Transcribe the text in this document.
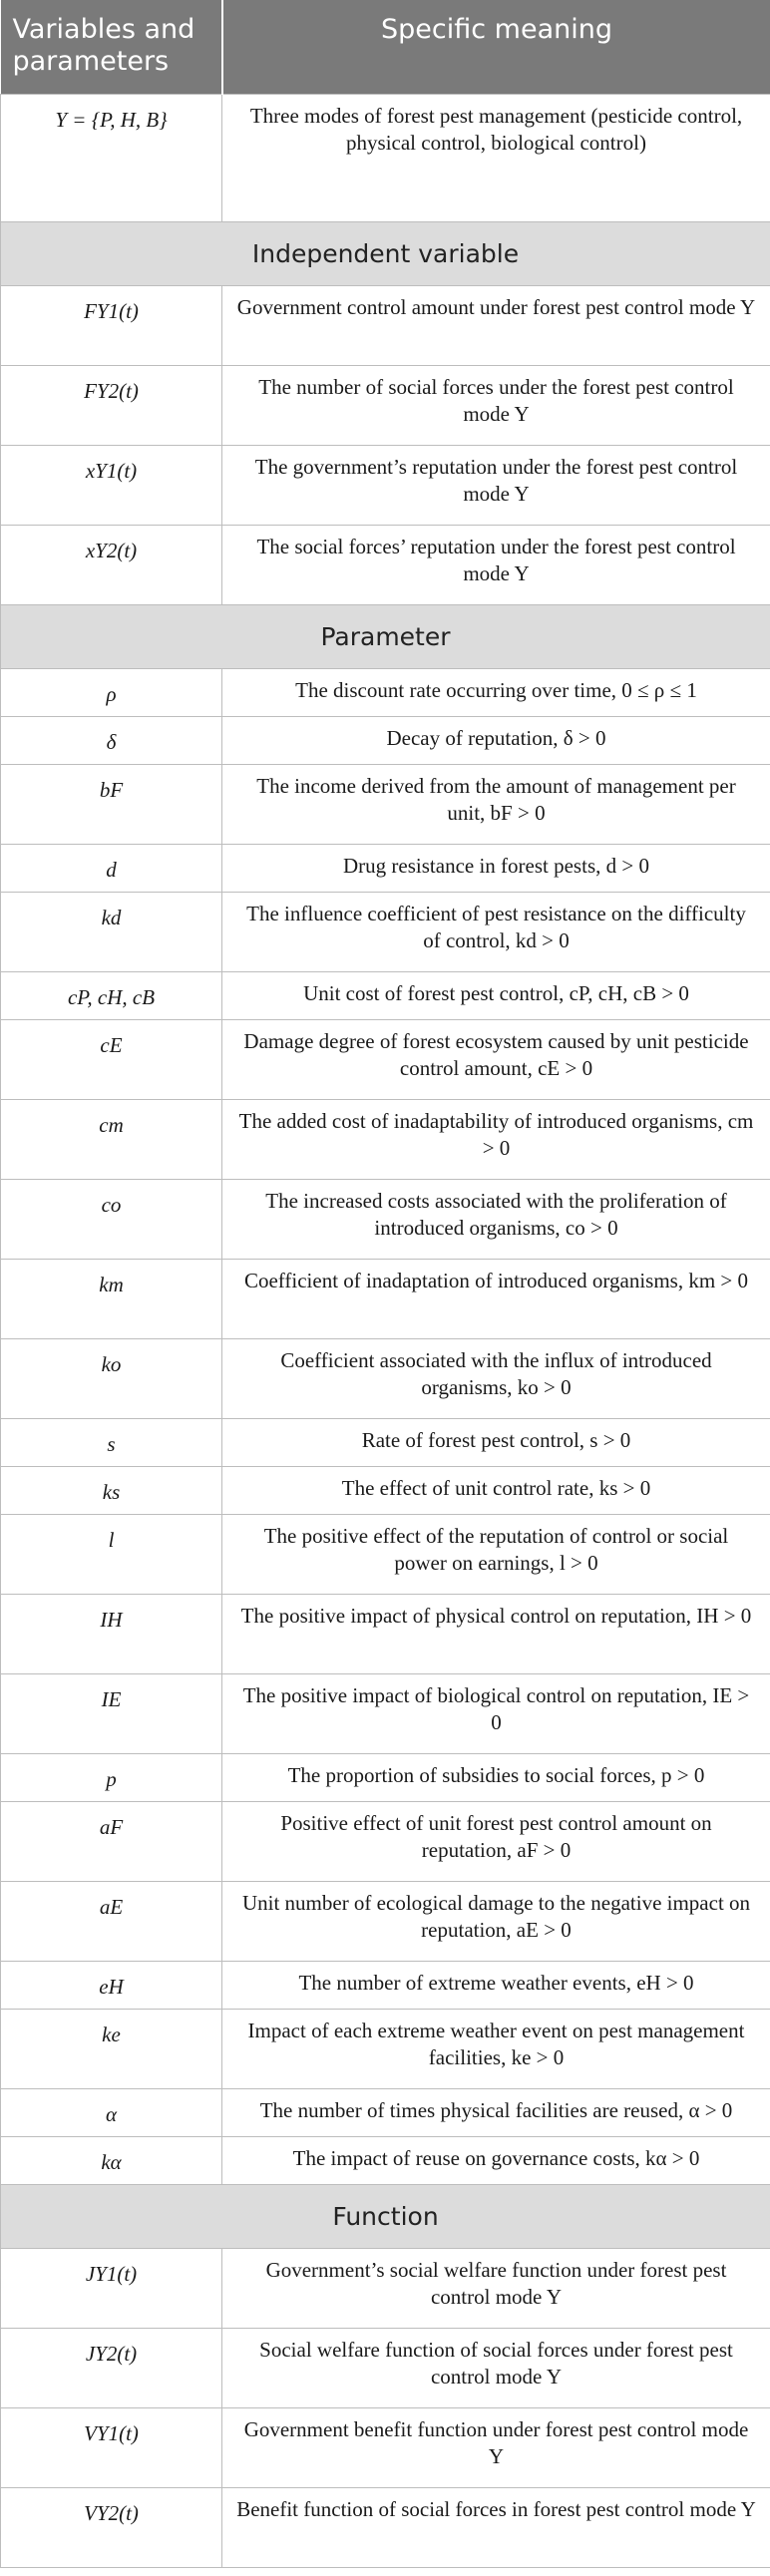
Variables and parameters	Specific meaning
Y = {P, H, B}	Three modes of forest pest management (pesticide control, physical control, biological control)
Independent variable	
FY1(t)	Government control amount under forest pest control mode Y
FY2(t)	The number of social forces under the forest pest control mode Y
xY1(t)	The government’s reputation under the forest pest control mode Y
xY2(t)	The social forces’ reputation under the forest pest control mode Y
Parameter	
ρ	The discount rate occurring over time, 0 ≤ ρ ≤ 1
δ	Decay of reputation, δ > 0
bF	The income derived from the amount of management per unit, bF > 0
d	Drug resistance in forest pests, d > 0
kd	The influence coefficient of pest resistance on the difficulty of control, kd > 0
cP, cH, cB	Unit cost of forest pest control, cP, cH, cB > 0
cE	Damage degree of forest ecosystem caused by unit pesticide control amount, cE > 0
cm	The added cost of inadaptability of introduced organisms, cm > 0
co	The increased costs associated with the proliferation of introduced organisms, co > 0
km	Coefficient of inadaptation of introduced organisms, km > 0
ko	Coefficient associated with the influx of introduced organisms, ko > 0
s	Rate of forest pest control, s > 0
ks	The effect of unit control rate, ks > 0
l	The positive effect of the reputation of control or social power on earnings, l > 0
IH	The positive impact of physical control on reputation, IH > 0
IE	The positive impact of biological control on reputation, IE > 0
p	The proportion of subsidies to social forces, p > 0
aF	Positive effect of unit forest pest control amount on reputation, aF > 0
aE	Unit number of ecological damage to the negative impact on reputation, aE > 0
eH	The number of extreme weather events, eH > 0
ke	Impact of each extreme weather event on pest management facilities, ke > 0
α	The number of times physical facilities are reused, α > 0
kα	The impact of reuse on governance costs, kα > 0
Function	
JY1(t)	Government’s social welfare function under forest pest control mode Y
JY2(t)	Social welfare function of social forces under forest pest control mode Y
VY1(t)	Government benefit function under forest pest control mode Y
VY2(t)	Benefit function of social forces in forest pest control mode Y
